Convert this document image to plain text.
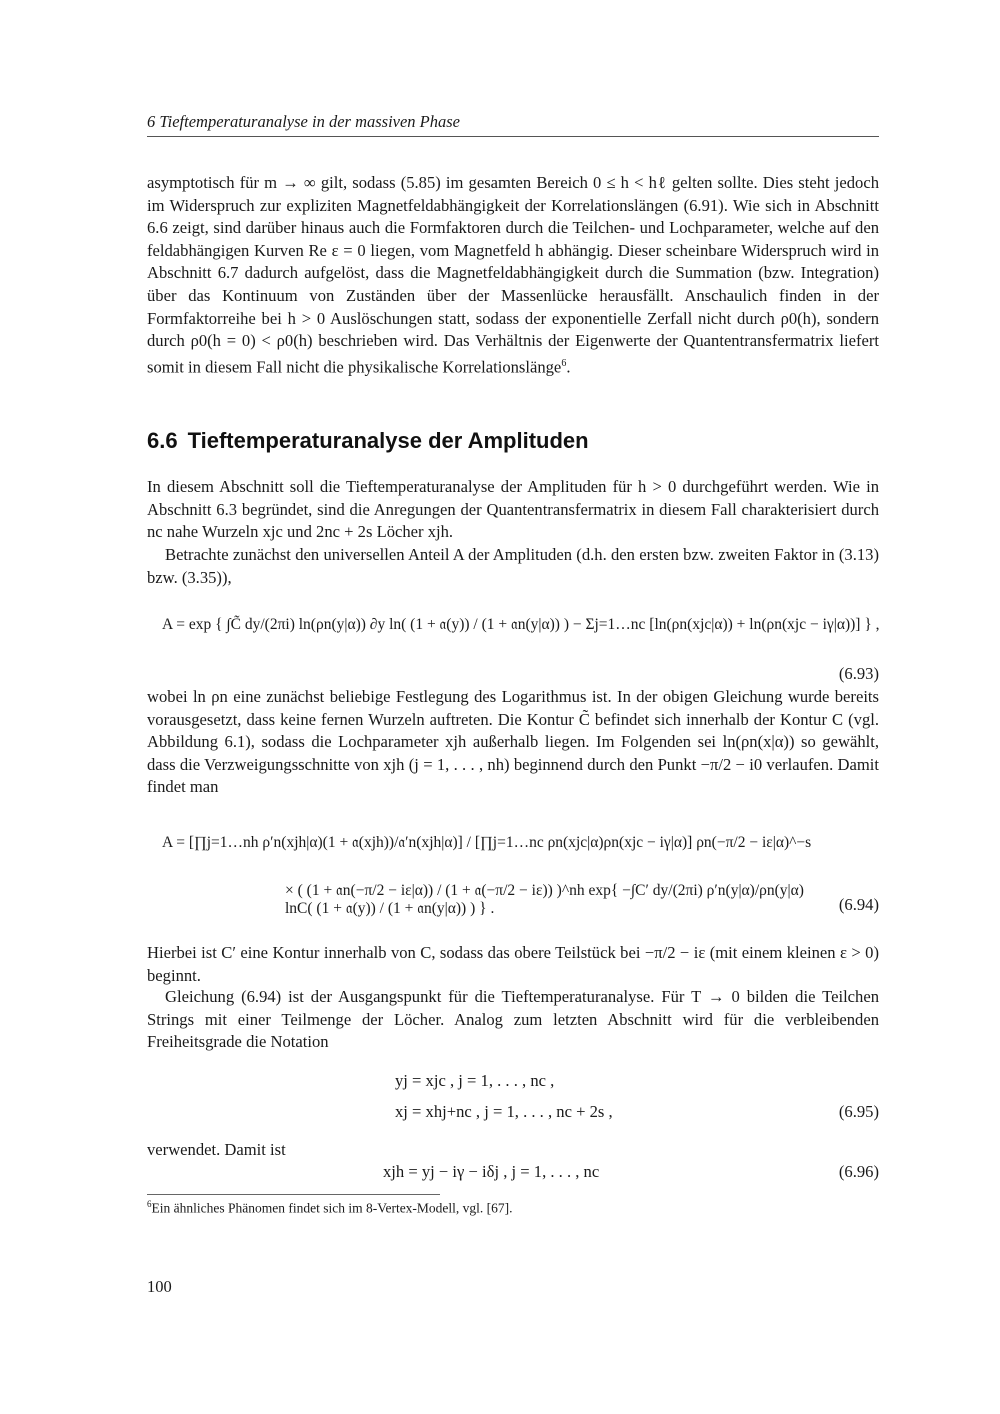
6 Tieftemperaturanalyse in der massiven Phase

asymptotisch für m → ∞ gilt, sodass (5.85) im gesamten Bereich 0 ≤ h < hℓ gelten sollte. Dies steht jedoch im Widerspruch zur expliziten Magnetfeldabhängigkeit der Korrelationslängen (6.91). Wie sich in Abschnitt 6.6 zeigt, sind darüber hinaus auch die Formfaktoren durch die Teilchen- und Lochparameter, welche auf den feldabhängigen Kurven Re ε = 0 liegen, vom Magnetfeld h abhängig. Dieser scheinbare Widerspruch wird in Abschnitt 6.7 dadurch aufgelöst, dass die Magnetfeldabhängigkeit durch die Summation (bzw. Integration) über das Kontinuum von Zuständen über der Massenlücke herausfällt. Anschaulich finden in der Formfaktorreihe bei h > 0 Auslöschungen statt, sodass der exponentielle Zerfall nicht durch ρ0(h), sondern durch ρ0(h = 0) < ρ0(h) beschrieben wird. Das Verhältnis der Eigenwerte der Quantentransfermatrix liefert somit in diesem Fall nicht die physikalische Korrelationslänge$^6$.

6.6 Tieftemperaturanalyse der Amplituden

In diesem Abschnitt soll die Tieftemperaturanalyse der Amplituden für h > 0 durchgeführt werden. Wie in Abschnitt 6.3 begründet, sind die Anregungen der Quantentransfermatrix in diesem Fall charakterisiert durch nc nahe Wurzeln xjc und 2nc + 2s Löcher xjh.

Betrachte zunächst den universellen Anteil A der Amplituden (d.h. den ersten bzw. zweiten Faktor in (3.13) bzw. (3.35)),

A = exp { ∫C̃ dy/(2πi) ln(ρn(y|α)) ∂y ln( (1 + 𝔞(y)) / (1 + 𝔞n(y|α)) ) − Σj=1…nc [ln(ρn(xjc|α)) + ln(ρn(xjc − iγ|α))] } ,
(6.93)

wobei ln ρn eine zunächst beliebige Festlegung des Logarithmus ist. In der obigen Gleichung wurde bereits vorausgesetzt, dass keine fernen Wurzeln auftreten. Die Kontur C̃ befindet sich innerhalb der Kontur C (vgl. Abbildung 6.1), sodass die Lochparameter xjh außerhalb liegen. Im Folgenden sei ln(ρn(x|α)) so gewählt, dass die Verzweigungsschnitte von xjh (j = 1, . . . , nh) beginnend durch den Punkt −π/2 − i0 verlaufen. Damit findet man

A = [∏j=1…nh ρ′n(xjh|α)(1 + 𝔞(xjh))/𝔞′n(xjh|α)] / [∏j=1…nc ρn(xjc|α)ρn(xjc − iγ|α)] ρn(−π/2 − iε|α)^−s
× ( (1 + 𝔞n(−π/2 − iε|α)) / (1 + 𝔞(−π/2 − iε)) )^nh exp{ −∫C′ dy/(2πi) ρ′n(y|α)/ρn(y|α) lnC( (1 + 𝔞(y)) / (1 + 𝔞n(y|α)) ) } .	(6.94)

Hierbei ist C′ eine Kontur innerhalb von C, sodass das obere Teilstück bei −π/2 − iε (mit einem kleinen ε > 0) beginnt.

Gleichung (6.94) ist der Ausgangspunkt für die Tieftemperaturanalyse. Für T → 0 bilden die Teilchen Strings mit einer Teilmenge der Löcher. Analog zum letzten Abschnitt wird für die verbleibenden Freiheitsgrade die Notation

yj = xjc , j = 1, . . . , nc ,
xj = xhj+nc , j = 1, . . . , nc + 2s ,	(6.95)

verwendet. Damit ist

xjh = yj − iγ − iδj , j = 1, . . . , nc	(6.96)
$^6$Ein ähnliches Phänomen findet sich im 8-Vertex-Modell, vgl. [67].
100
